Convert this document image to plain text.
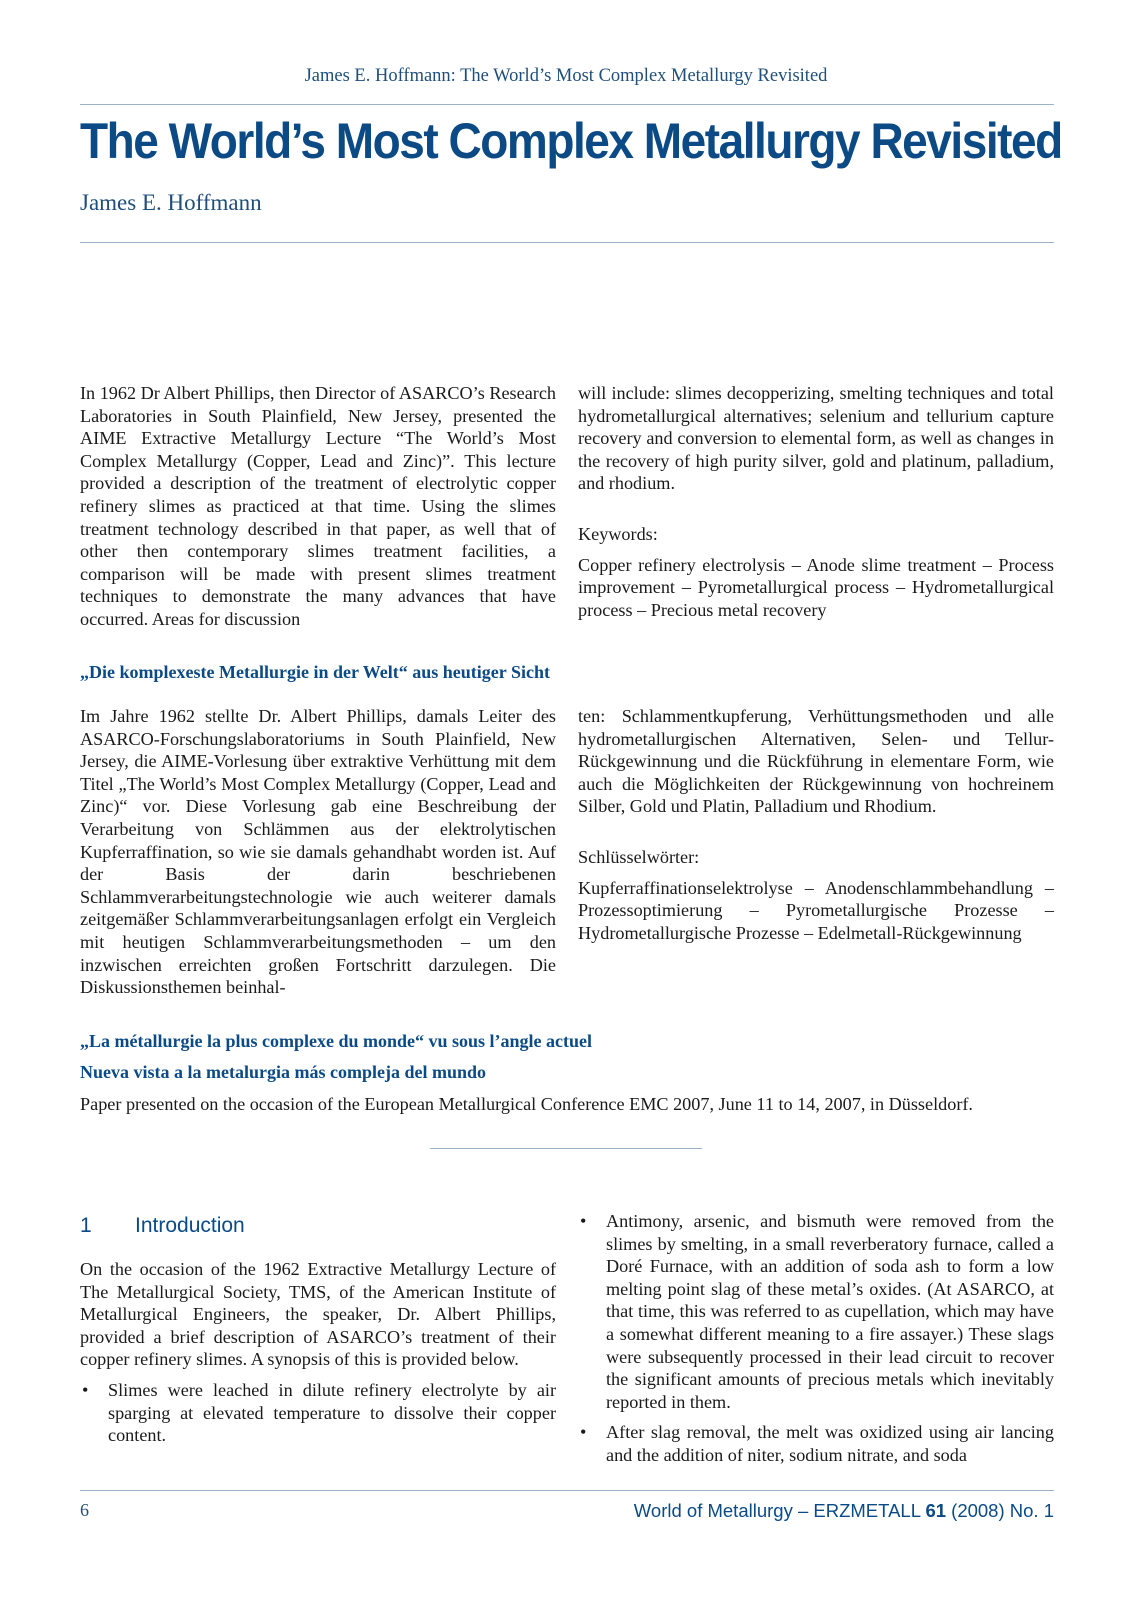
James E. Hoffmann: The World’s Most Complex Metallurgy Revisited
The World’s Most Complex Metallurgy Revisited
James E. Hoffmann

In 1962 Dr Albert Phillips, then Director of ASARCO’s Research Laboratories in South Plainfield, New Jersey, presented the AIME Extractive Metallurgy Lecture “The World’s Most Complex Metallurgy (Copper, Lead and Zinc)”. This lecture provided a description of the treatment of electrolytic copper refinery slimes as practiced at that time. Using the slimes treatment technology described in that paper, as well that of other then contemporary slimes treatment facilities, a comparison will be made with present slimes treatment techniques to demonstrate the many advances that have occurred. Areas for discussion

will include: slimes decopperizing, smelting techniques and total hydrometallurgical alternatives; selenium and tellurium capture recovery and conversion to elemental form, as well as changes in the recovery of high purity silver, gold and platinum, palladium, and rhodium.

Keywords:

Copper refinery electrolysis – Anode slime treatment – Process improvement – Pyrometallurgical process – Hydrometallurgical process – Precious metal recovery

„Die komplexeste Metallurgie in der Welt“ aus heutiger Sicht

Im Jahre 1962 stellte Dr. Albert Phillips, damals Leiter des ASARCO-Forschungslaboratoriums in South Plainfield, New Jersey, die AIME-Vorlesung über extraktive Verhüttung mit dem Titel „The World’s Most Complex Metallurgy (Copper, Lead and Zinc)“ vor. Diese Vorlesung gab eine Beschreibung der Verarbeitung von Schlämmen aus der elektrolytischen Kupferraffination, so wie sie damals gehandhabt worden ist. Auf der Basis der darin beschriebenen Schlammverarbeitungstechnologie wie auch weiterer damals zeitgemäßer Schlammverarbeitungsanlagen erfolgt ein Vergleich mit heutigen Schlammverarbeitungsmethoden – um den inzwischen erreichten großen Fortschritt darzulegen. Die Diskussionsthemen beinhal-

ten: Schlammentkupferung, Verhüttungsmethoden und alle hydrometallurgischen Alternativen, Selen- und Tellur-Rückgewinnung und die Rückführung in elementare Form, wie auch die Möglichkeiten der Rückgewinnung von hochreinem Silber, Gold und Platin, Palladium und Rhodium.

Schlüsselwörter:

Kupferraffinationselektrolyse – Anodenschlammbehandlung – Prozessoptimierung – Pyrometallurgische Prozesse – Hydrometallurgische Prozesse – Edelmetall-Rückgewinnung

„La métallurgie la plus complexe du monde“ vu sous l’angle actuel
Nueva vista a la metalurgia más compleja del mundo

Paper presented on the occasion of the European Metallurgical Conference EMC 2007, June 11 to 14, 2007, in Düsseldorf.

1 Introduction

On the occasion of the 1962 Extractive Metallurgy Lecture of The Metallurgical Society, TMS, of the American Institute of Metallurgical Engineers, the speaker, Dr. Albert Phillips, provided a brief description of ASARCO’s treatment of their copper refinery slimes. A synopsis of this is provided below.

• Slimes were leached in dilute refinery electrolyte by air sparging at elevated temperature to dissolve their copper content.
• Antimony, arsenic, and bismuth were removed from the slimes by smelting, in a small reverberatory furnace, called a Doré Furnace, with an addition of soda ash to form a low melting point slag of these metal’s oxides. (At ASARCO, at that time, this was referred to as cupellation, which may have a somewhat different meaning to a fire assayer.) These slags were subsequently processed in their lead circuit to recover the significant amounts of precious metals which inevitably reported in them.
• After slag removal, the melt was oxidized using air lancing and the addition of niter, sodium nitrate, and soda
6	World of Metallurgy – ERZMETALL 61 (2008) No. 1
